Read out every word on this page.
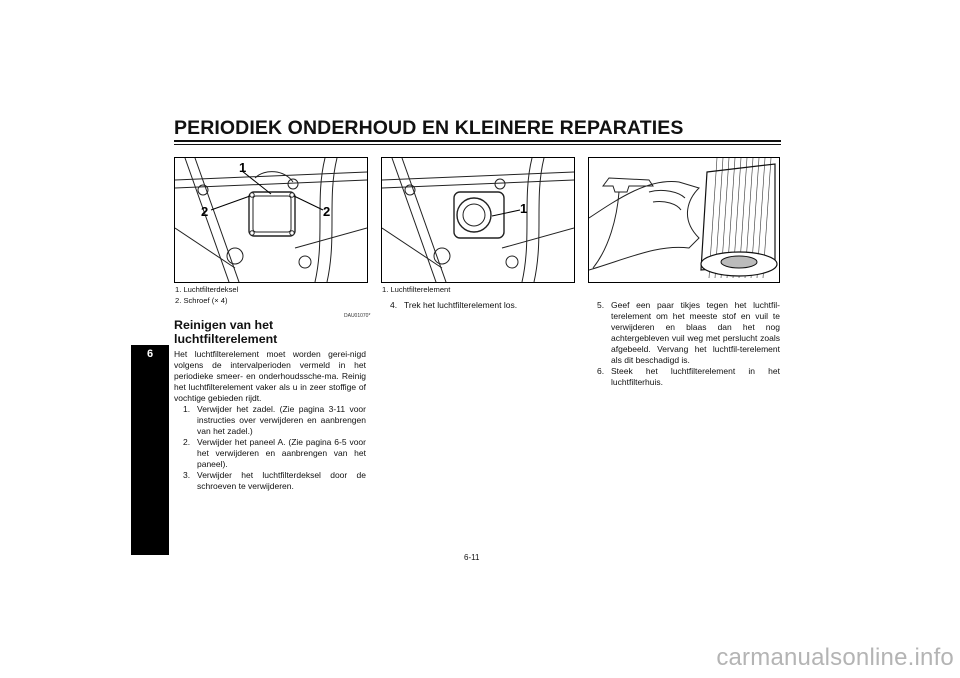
PERIODIEK ONDERHOUD EN KLEINERE REPARATIES
6
1
2	2	1
1. Luchtfilterdeksel
2. Schroef (× 4)
1. Luchtfilterelement
DAU01070*
Reinigen van het luchtfilterelement

Het luchtfilterelement moet worden gerei-nigd volgens de intervalperioden vermeld in het periodieke smeer- en onderhoudssche-ma. Reinig het luchtfilterelement vaker als u in zeer stoffige of vochtige gebieden rijdt.

1. Verwijder het zadel. (Zie pagina 3-11 voor instructies over verwijderen en aanbrengen van het zadel.)
2. Verwijder het paneel A. (Zie pagina 6-5 voor het verwijderen en aanbrengen van het paneel).
3. Verwijder het luchtfilterdeksel door de schroeven te verwijderen.
4. Trek het luchtfilterelement los.	5. Geef een paar tikjes tegen het luchtfil-terelement om het meeste stof en vuil te verwijderen en blaas dan het nog achtergebleven vuil weg met perslucht zoals afgebeeld. Vervang het luchtfil-terelement als dit beschadigd is.
6. Steek het luchtfilterelement in het luchtfilterhuis.
6-11
carmanualsonline.info
